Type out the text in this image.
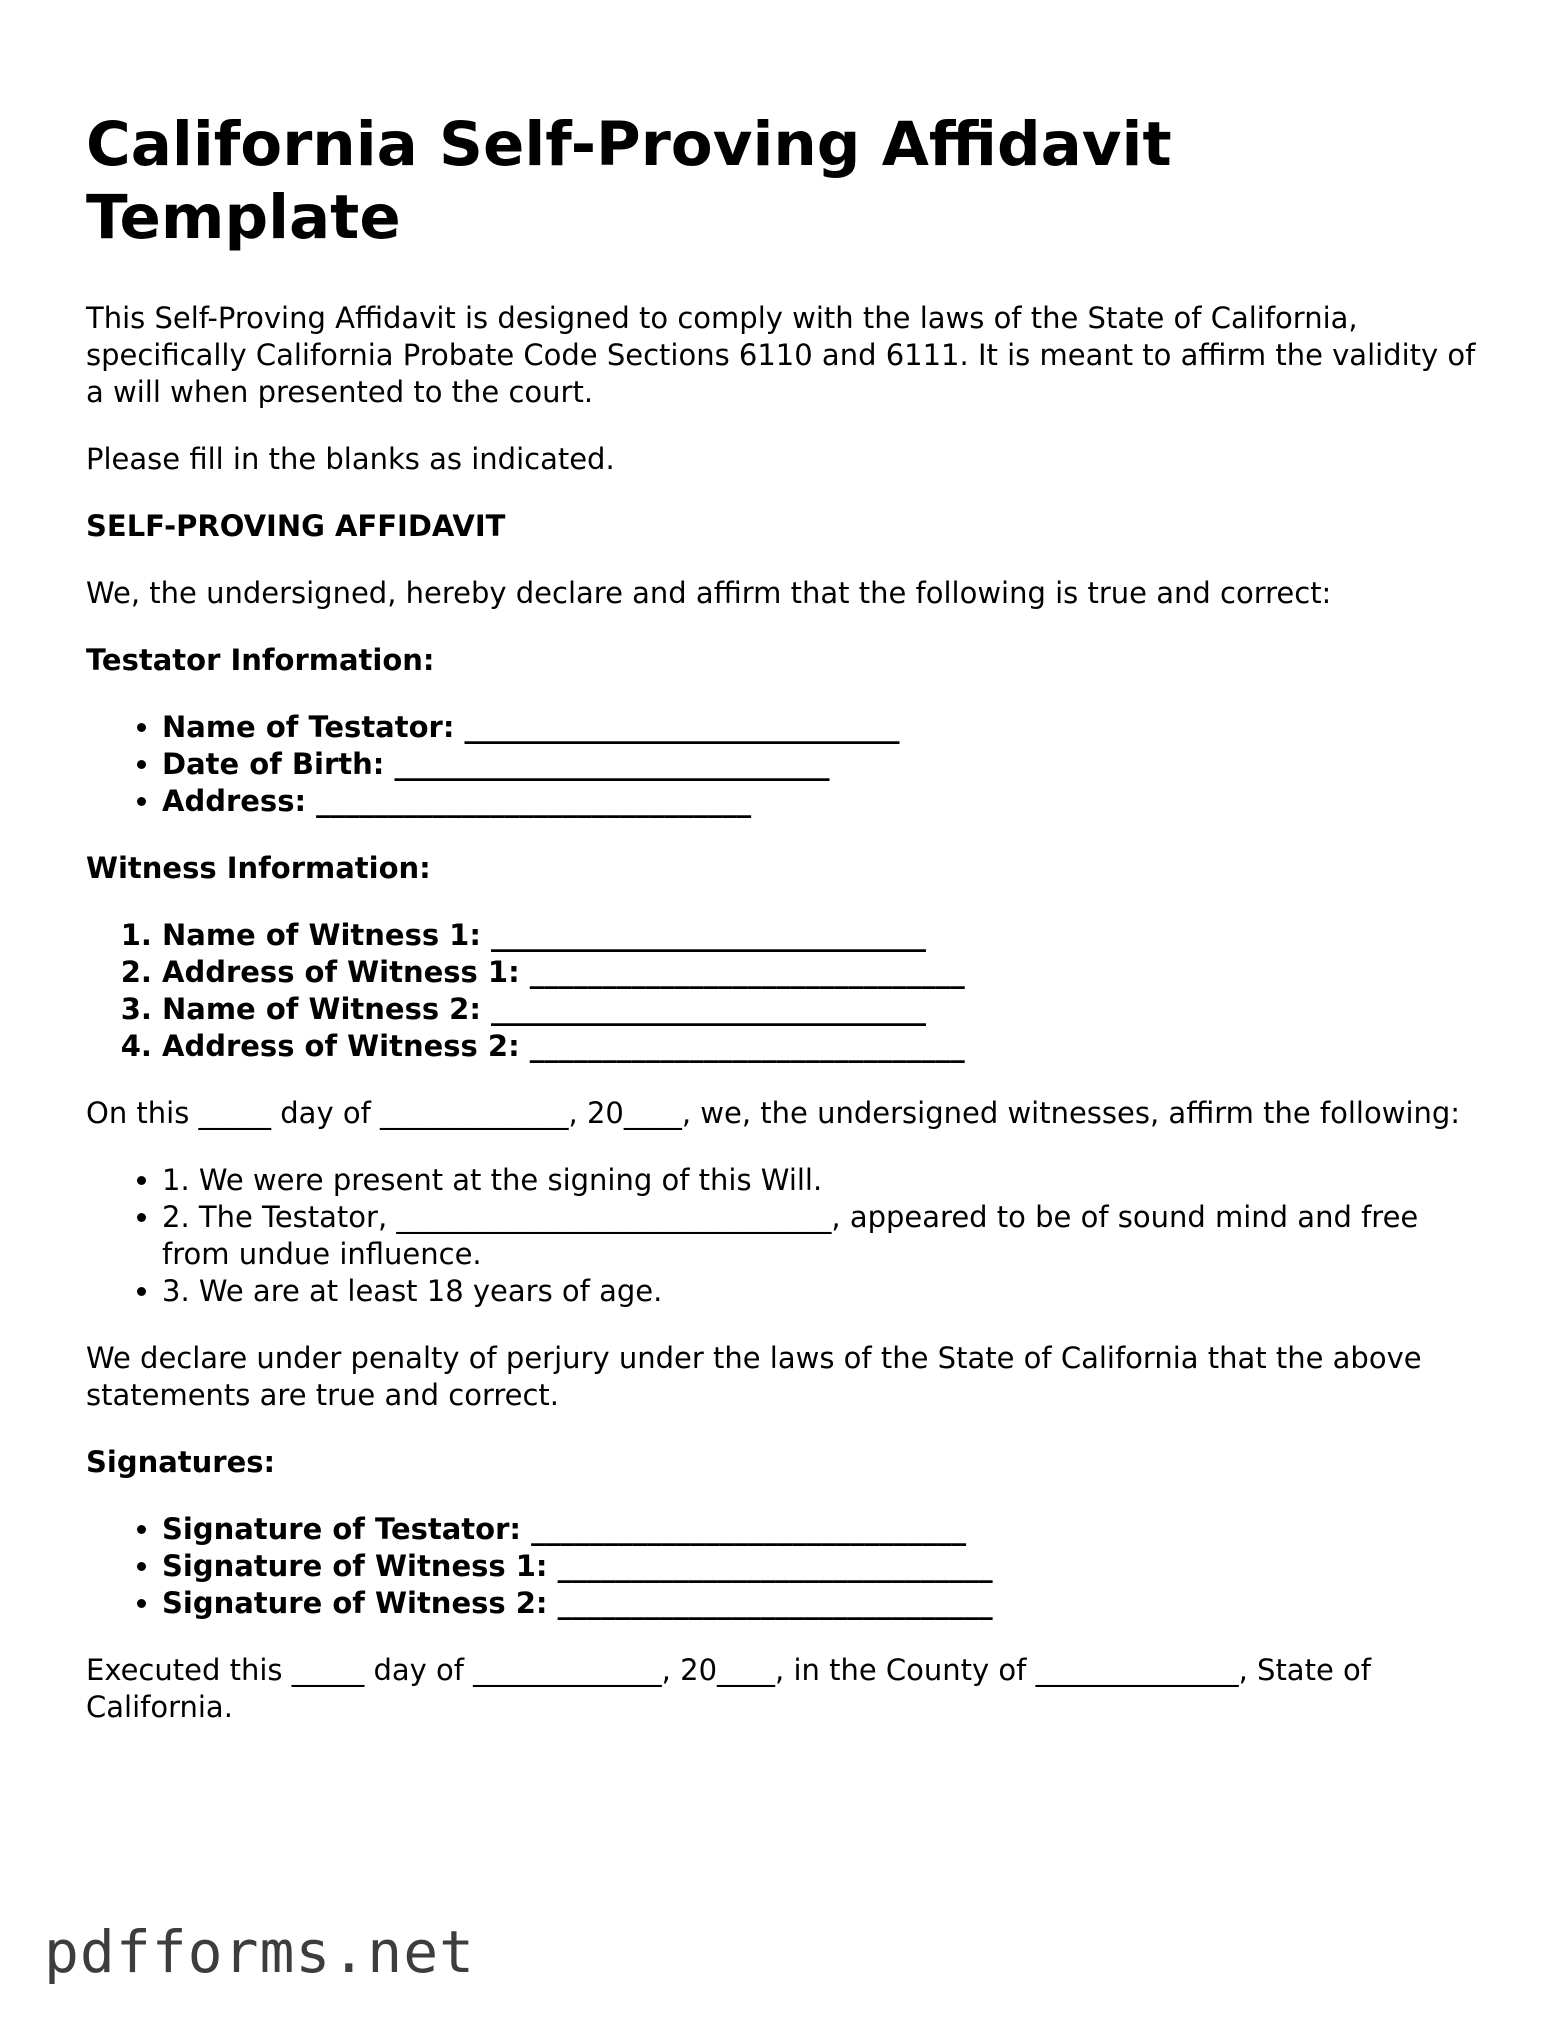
California Self-Proving Affidavit Template

This Self-Proving Affidavit is designed to comply with the laws of the State of California, specifically California Probate Code Sections 6110 and 6111. It is meant to affirm the validity of a will when presented to the court.

Please fill in the blanks as indicated.

SELF-PROVING AFFIDAVIT

We, the undersigned, hereby declare and affirm that the following is true and correct:

Testator Information:

• Name of Testator: ______________________________
• Date of Birth: ______________________________
• Address: ______________________________

Witness Information:

1. Name of Witness 1: ______________________________
2. Address of Witness 1: ______________________________
3. Name of Witness 2: ______________________________
4. Address of Witness 2: ______________________________

On this _____ day of _____________, 20____, we, the undersigned witnesses, affirm the following:

• 1. We were present at the signing of this Will.
• 2. The Testator, ______________________________, appeared to be of sound mind and free from undue influence.
• 3. We are at least 18 years of age.

We declare under penalty of perjury under the laws of the State of California that the above statements are true and correct.

Signatures:

• Signature of Testator: ______________________________
• Signature of Witness 1: ______________________________
• Signature of Witness 2: ______________________________

Executed this _____ day of _____________, 20____, in the County of ______________, State of California.

pdfforms.net
